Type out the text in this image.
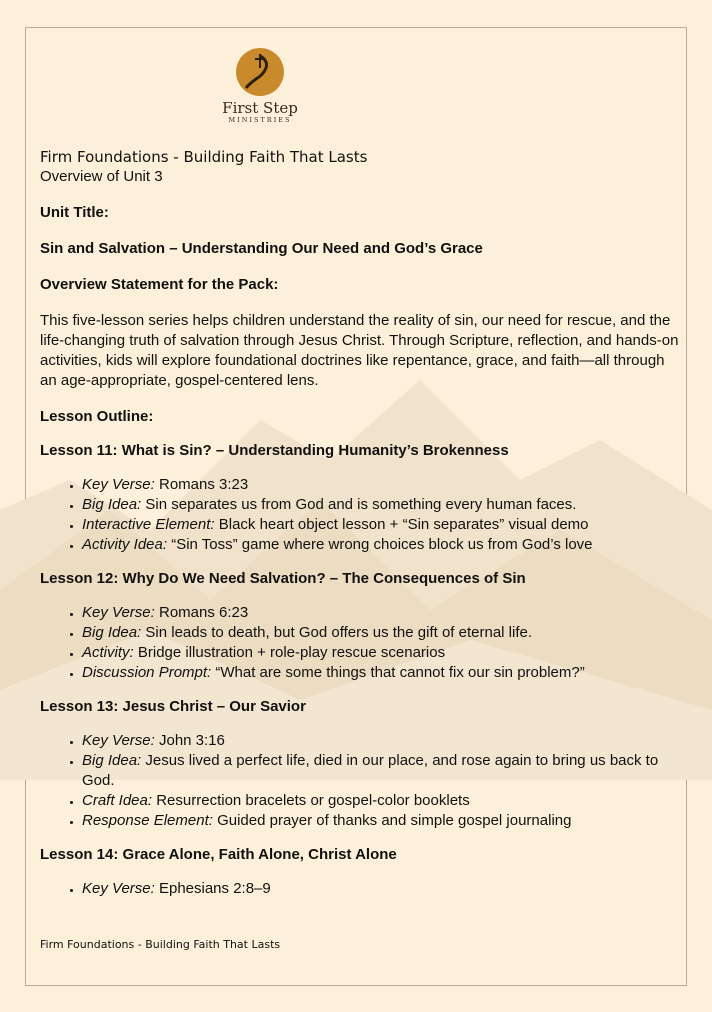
First Step
MINISTRIES
Firm Foundations - Building Faith That Lasts
Overview of Unit 3
Unit Title:
Sin and Salvation – Understanding Our Need and God’s Grace
Overview Statement for the Pack:
This five-lesson series helps children understand the reality of sin, our need for rescue, and the life-changing truth of salvation through Jesus Christ. Through Scripture, reflection, and hands-on activities, kids will explore foundational doctrines like repentance, grace, and faith—all through an age-appropriate, gospel-centered lens.
Lesson Outline:
Lesson 11: What is Sin? – Understanding Humanity’s Brokenness
• Key Verse: Romans 3:23
• Big Idea: Sin separates us from God and is something every human faces.
• Interactive Element: Black heart object lesson + “Sin separates” visual demo
• Activity Idea: “Sin Toss” game where wrong choices block us from God’s love
Lesson 12: Why Do We Need Salvation? – The Consequences of Sin
• Key Verse: Romans 6:23
• Big Idea: Sin leads to death, but God offers us the gift of eternal life.
• Activity: Bridge illustration + role-play rescue scenarios
• Discussion Prompt: “What are some things that cannot fix our sin problem?”
Lesson 13: Jesus Christ – Our Savior
• Key Verse: John 3:16
• Big Idea: Jesus lived a perfect life, died in our place, and rose again to bring us back to God.
• Craft Idea: Resurrection bracelets or gospel-color booklets
• Response Element: Guided prayer of thanks and simple gospel journaling
Lesson 14: Grace Alone, Faith Alone, Christ Alone
• Key Verse: Ephesians 2:8–9
Firm Foundations - Building Faith That Lasts
